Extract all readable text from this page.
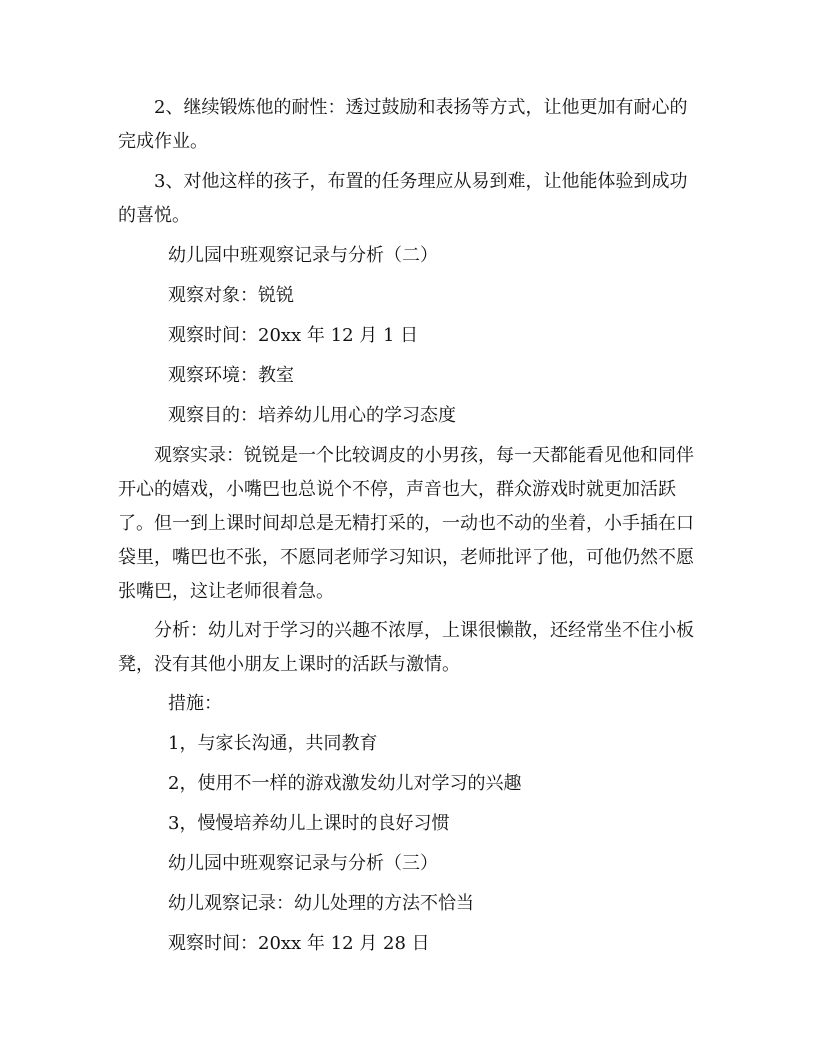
2、继续锻炼他的耐性：透过鼓励和表扬等方式，让他更加有耐心的完成作业。

3、对他这样的孩子，布置的任务理应从易到难，让他能体验到成功的喜悦。

幼儿园中班观察记录与分析（二）

观察对象：锐锐

观察时间：20xx 年 12 月 1 日

观察环境：教室

观察目的：培养幼儿用心的学习态度

观察实录：锐锐是一个比较调皮的小男孩，每一天都能看见他和同伴开心的嬉戏，小嘴巴也总说个不停，声音也大，群众游戏时就更加活跃了。但一到上课时间却总是无精打采的，一动也不动的坐着，小手插在口袋里，嘴巴也不张，不愿同老师学习知识，老师批评了他，可他仍然不愿张嘴巴，这让老师很着急。

分析：幼儿对于学习的兴趣不浓厚，上课很懒散，还经常坐不住小板凳，没有其他小朋友上课时的活跃与激情。

措施：

1，与家长沟通，共同教育

2，使用不一样的游戏激发幼儿对学习的兴趣

3，慢慢培养幼儿上课时的良好习惯

幼儿园中班观察记录与分析（三）

幼儿观察记录：幼儿处理的方法不恰当

观察时间：20xx 年 12 月 28 日
